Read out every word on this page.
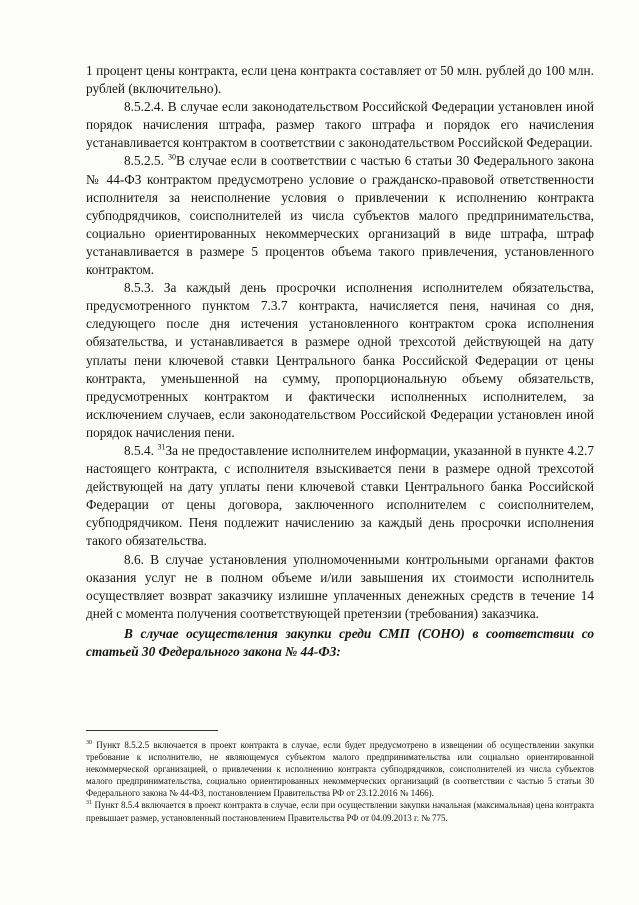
1 процент цены контракта, если цена контракта составляет от 50 млн. рублей до 100 млн. рублей (включительно).

8.5.2.4. В случае если законодательством Российской Федерации установлен иной порядок начисления штрафа, размер такого штрафа и порядок его начисления устанавливается контрактом в соответствии с законодательством Российской Федерации.

8.5.2.5. $^{30}$В случае если в соответствии с частью 6 статьи 30 Федерального закона № 44-ФЗ контрактом предусмотрено условие о гражданско-правовой ответственности исполнителя за неисполнение условия о привлечении к исполнению контракта субподрядчиков, соисполнителей из числа субъектов малого предпринимательства, социально ориентированных некоммерческих организаций в виде штрафа, штраф устанавливается в размере 5 процентов объема такого привлечения, установленного контрактом.

8.5.3. За каждый день просрочки исполнения исполнителем обязательства, предусмотренного пунктом 7.3.7 контракта, начисляется пеня, начиная со дня, следующего после дня истечения установленного контрактом срока исполнения обязательства, и устанавливается в размере одной трехсотой действующей на дату уплаты пени ключевой ставки Центрального банка Российской Федерации от цены контракта, уменьшенной на сумму, пропорциональную объему обязательств, предусмотренных контрактом и фактически исполненных исполнителем, за исключением случаев, если законодательством Российской Федерации установлен иной порядок начисления пени.

8.5.4. $^{31}$За не предоставление исполнителем информации, указанной в пункте 4.2.7 настоящего контракта, с исполнителя взыскивается пени в размере одной трехсотой действующей на дату уплаты пени ключевой ставки Центрального банка Российской Федерации от цены договора, заключенного исполнителем с соисполнителем, субподрядчиком. Пеня подлежит начислению за каждый день просрочки исполнения такого обязательства.

8.6. В случае установления уполномоченными контрольными органами фактов оказания услуг не в полном объеме и/или завышения их стоимости исполнитель осуществляет возврат заказчику излишне уплаченных денежных средств в течение 14 дней с момента получения соответствующей претензии (требования) заказчика.

В случае осуществления закупки среди СМП (СОНО) в соответствии со статьей 30 Федерального закона № 44-ФЗ:

$^{30}$ Пункт 8.5.2.5 включается в проект контракта в случае, если будет предусмотрено в извещении об осуществлении закупки требование к исполнителю, не являющемуся субъектом малого предпринимательства или социально ориентированной некоммерческой организацией, о привлечении к исполнению контракта субподрядчиков, соисполнителей из числа субъектов малого предпринимательства, социально ориентированных некоммерческих организаций (в соответствии с частью 5 статьи 30 Федерального закона № 44-ФЗ, постановлением Правительства РФ от 23.12.2016 № 1466).

$^{31}$ Пункт 8.5.4 включается в проект контракта в случае, если при осуществлении закупки начальная (максимальная) цена контракта превышает размер, установленный постановлением Правительства РФ от 04.09.2013 г. № 775.
